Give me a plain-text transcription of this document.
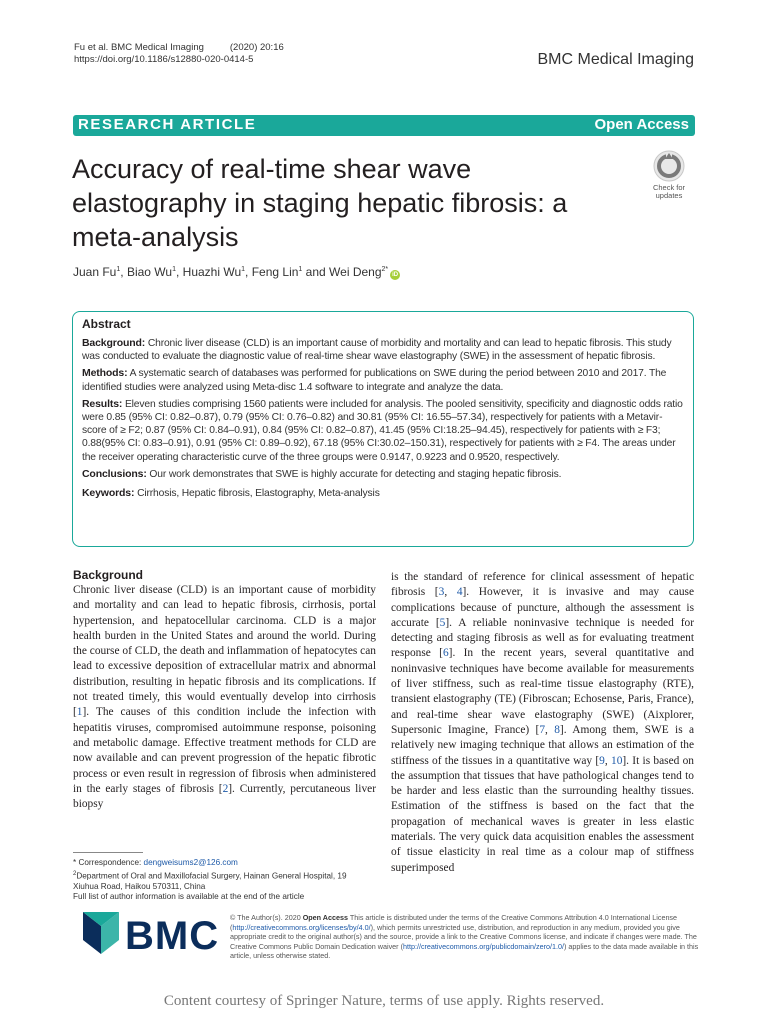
Fu et al. BMC Medical Imaging	(2020) 20:16
https://doi.org/10.1186/s12880-020-0414-5	BMC Medical Imaging
RESEARCH ARTICLE	Open Access
Accuracy of real-time shear wave elastography in staging hepatic fibrosis: a meta-analysis
Check for updates
Juan Fu$^1$, Biao Wu$^1$, Huazhi Wu$^1$, Feng Lin$^1$ and Wei Deng$^{2*}$iD
Abstract

Background: Chronic liver disease (CLD) is an important cause of morbidity and mortality and can lead to hepatic fibrosis. This study was conducted to evaluate the diagnostic value of real-time shear wave elastography (SWE) in the assessment of hepatic fibrosis.

Methods: A systematic search of databases was performed for publications on SWE during the period between 2010 and 2017. The identified studies were analyzed using Meta-disc 1.4 software to integrate and analyze the data.

Results: Eleven studies comprising 1560 patients were included for analysis. The pooled sensitivity, specificity and diagnostic odds ratio were 0.85 (95% CI: 0.82–0.87), 0.79 (95% CI: 0.76–0.82) and 30.81 (95% CI: 16.55–57.34), respectively for patients with a Metavir-score of ≥ F2; 0.87 (95% CI: 0.84–0.91), 0.84 (95% CI: 0.82–0.87), 41.45 (95% CI:18.25–94.45), respectively for patients with ≥ F3; 0.88(95% CI: 0.83–0.91), 0.91 (95% CI: 0.89–0.92), 67.18 (95% CI:30.02–150.31), respectively for patients with ≥ F4. The areas under the receiver operating characteristic curve of the three groups were 0.9147, 0.9223 and 0.9520, respectively.

Conclusions: Our work demonstrates that SWE is highly accurate for detecting and staging hepatic fibrosis.

Keywords: Cirrhosis, Hepatic fibrosis, Elastography, Meta-analysis

Background

Chronic liver disease (CLD) is an important cause of morbidity and mortality and can lead to hepatic fibrosis, cirrhosis, portal hypertension, and hepatocellular carcinoma. CLD is a major health burden in the United States and around the world. During the course of CLD, the death and inflammation of hepatocytes can lead to excessive deposition of extracellular matrix and abnormal distribution, resulting in hepatic fibrosis and its complications. If not treated timely, this would eventually develop into cirrhosis [1]. The causes of this condition include the infection with hepatitis viruses, compromised autoimmune response, poisoning and metabolic damage. Effective treatment methods for CLD are now available and can prevent progression of the hepatic fibrotic process or even result in regression of fibrosis when administered in the early stages of fibrosis [2]. Currently, percutaneous liver biopsy

is the standard of reference for clinical assessment of hepatic fibrosis [3, 4]. However, it is invasive and may cause complications because of puncture, although the assessment is accurate [5]. A reliable noninvasive technique is needed for detecting and staging fibrosis as well as for evaluating treatment response [6]. In the recent years, several quantitative and noninvasive techniques have become available for measurements of liver stiffness, such as real-time tissue elastography (RTE), transient elastography (TE) (Fibroscan; Echosense, Paris, France), and real-time shear wave elastography (SWE) (Aixplorer, Supersonic Imagine, France) [7, 8]. Among them, SWE is a relatively new imaging technique that allows an estimation of the stiffness of the tissues in a quantitative way [9, 10]. It is based on the assumption that tissues that have pathological changes tend to be harder and less elastic than the surrounding healthy tissues. Estimation of the stiffness is based on the fact that the propagation of mechanical waves is greater in less elastic materials. The very quick data acquisition enables the assessment of tissue elasticity in real time as a colour map of stiffness superimposed

* Correspondence: dengweisums2@126.com
$^2$Department of Oral and Maxillofacial Surgery, Hainan General Hospital, 19 Xiuhua Road, Haikou 570311, China
Full list of author information is available at the end of the article
BMC © The Author(s). 2020 Open Access This article is distributed under the terms of the Creative Commons Attribution 4.0 International License (http://creativecommons.org/licenses/by/4.0/), which permits unrestricted use, distribution, and reproduction in any medium, provided you give appropriate credit to the original author(s) and the source, provide a link to the Creative Commons license, and indicate if changes were made. The Creative Commons Public Domain Dedication waiver (http://creativecommons.org/publicdomain/zero/1.0/) applies to the data made available in this article, unless otherwise stated.
Content courtesy of Springer Nature, terms of use apply. Rights reserved.
